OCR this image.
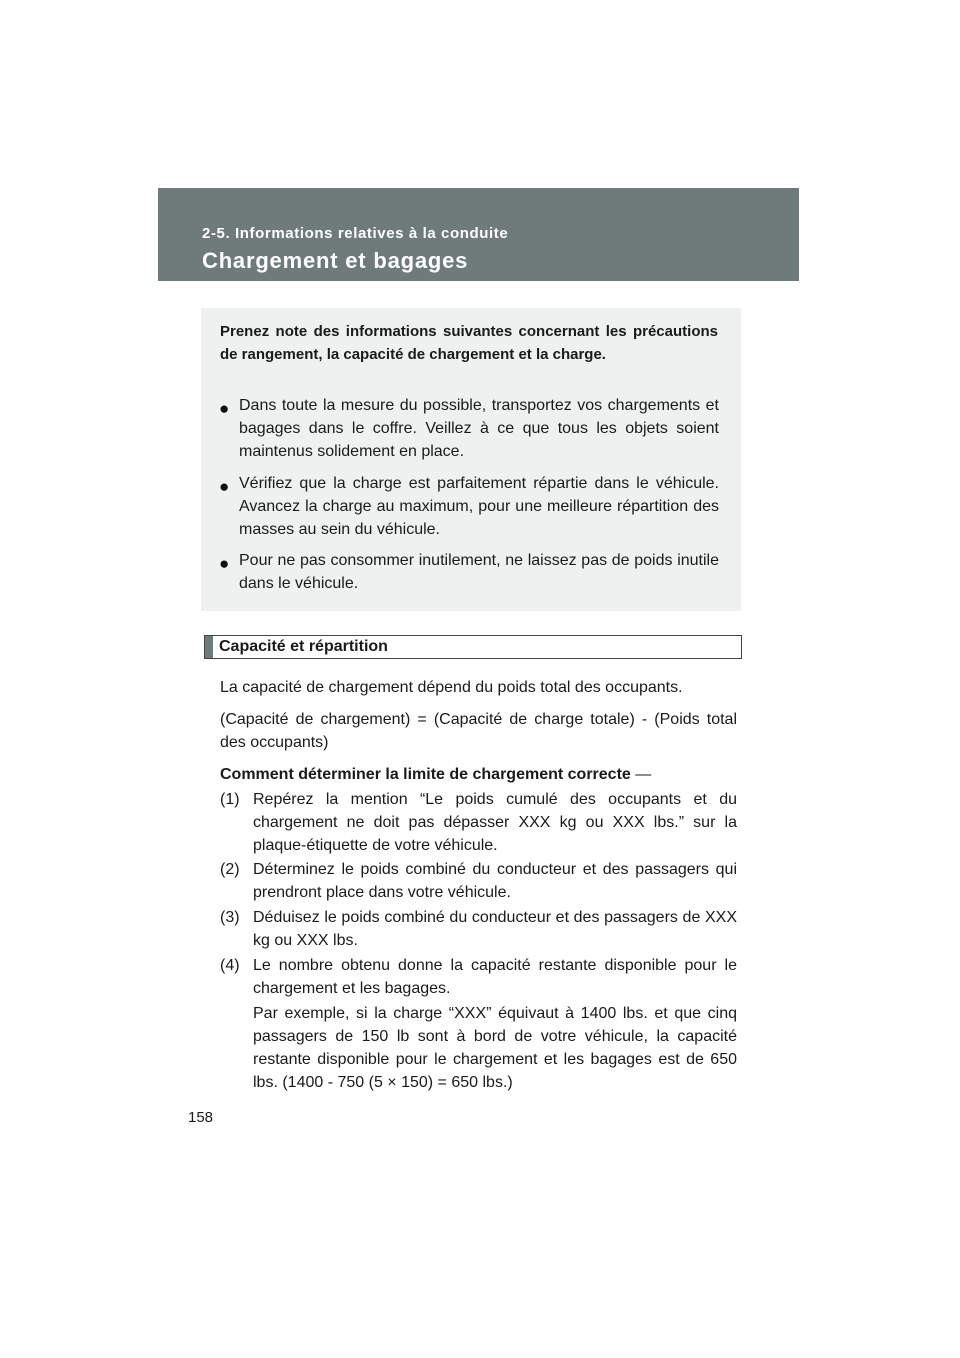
2-5. Informations relatives à la conduite
Chargement et bagages
Prenez note des informations suivantes concernant les précautions de rangement, la capacité de chargement et la charge.
● Dans toute la mesure du possible, transportez vos chargements et bagages dans le coffre. Veillez à ce que tous les objets soient maintenus solidement en place.
● Vérifiez que la charge est parfaitement répartie dans le véhicule. Avancez la charge au maximum, pour une meilleure répartition des masses au sein du véhicule.
● Pour ne pas consommer inutilement, ne laissez pas de poids inutile dans le véhicule.
Capacité et répartition
La capacité de chargement dépend du poids total des occupants.
(Capacité de chargement) = (Capacité de charge totale) - (Poids total des occupants)
Comment déterminer la limite de chargement correcte —
(1) Repérez la mention “Le poids cumulé des occupants et du chargement ne doit pas dépasser XXX kg ou XXX lbs.” sur la plaque-étiquette de votre véhicule.
(2) Déterminez le poids combiné du conducteur et des passagers qui prendront place dans votre véhicule.
(3) Déduisez le poids combiné du conducteur et des passagers de XXX kg ou XXX lbs.
(4) Le nombre obtenu donne la capacité restante disponible pour le chargement et les bagages.
Par exemple, si la charge “XXX” équivaut à 1400 lbs. et que cinq passagers de 150 lb sont à bord de votre véhicule, la capacité restante disponible pour le chargement et les bagages est de 650 lbs. (1400 - 750 (5 × 150) = 650 lbs.)
158
